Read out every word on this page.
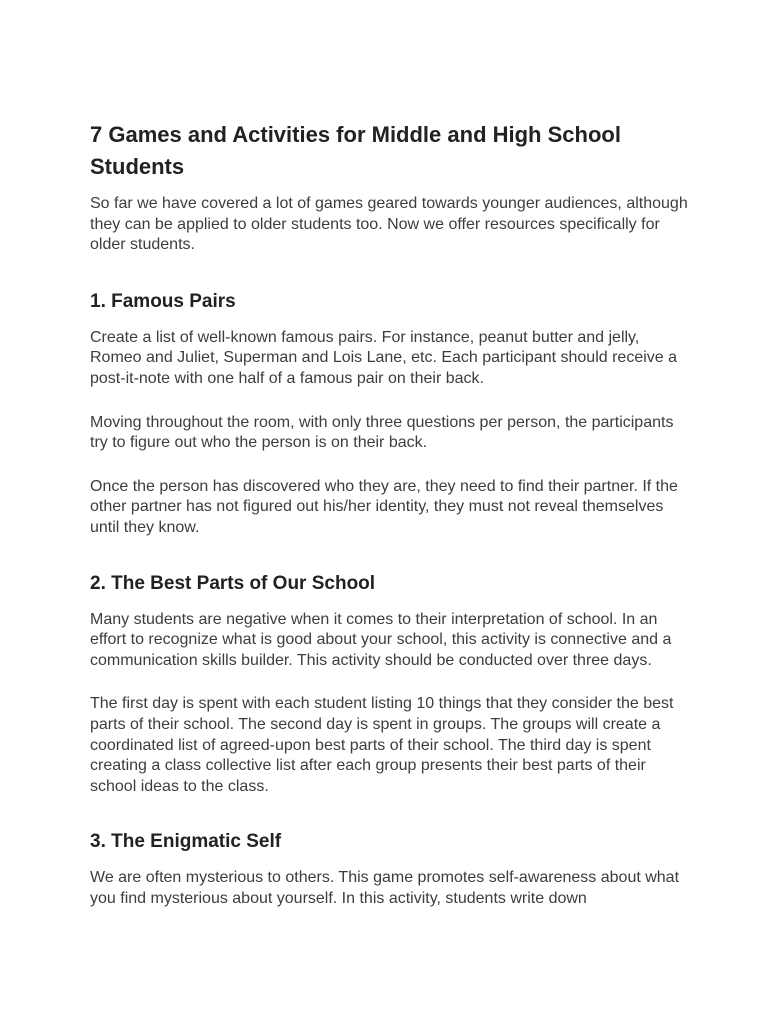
7 Games and Activities for Middle and High School Students

So far we have covered a lot of games geared towards younger audiences, although they can be applied to older students too. Now we offer resources specifically for older students.

1. Famous Pairs

Create a list of well-known famous pairs. For instance, peanut butter and jelly, Romeo and Juliet, Superman and Lois Lane, etc. Each participant should receive a post-it-note with one half of a famous pair on their back.

Moving throughout the room, with only three questions per person, the participants try to figure out who the person is on their back.

Once the person has discovered who they are, they need to find their partner. If the other partner has not figured out his/her identity, they must not reveal themselves until they know.

2. The Best Parts of Our School

Many students are negative when it comes to their interpretation of school. In an effort to recognize what is good about your school, this activity is connective and a communication skills builder. This activity should be conducted over three days.

The first day is spent with each student listing 10 things that they consider the best parts of their school. The second day is spent in groups. The groups will create a coordinated list of agreed-upon best parts of their school. The third day is spent creating a class collective list after each group presents their best parts of their school ideas to the class.

3. The Enigmatic Self

We are often mysterious to others. This game promotes self-awareness about what you find mysterious about yourself. In this activity, students write down
